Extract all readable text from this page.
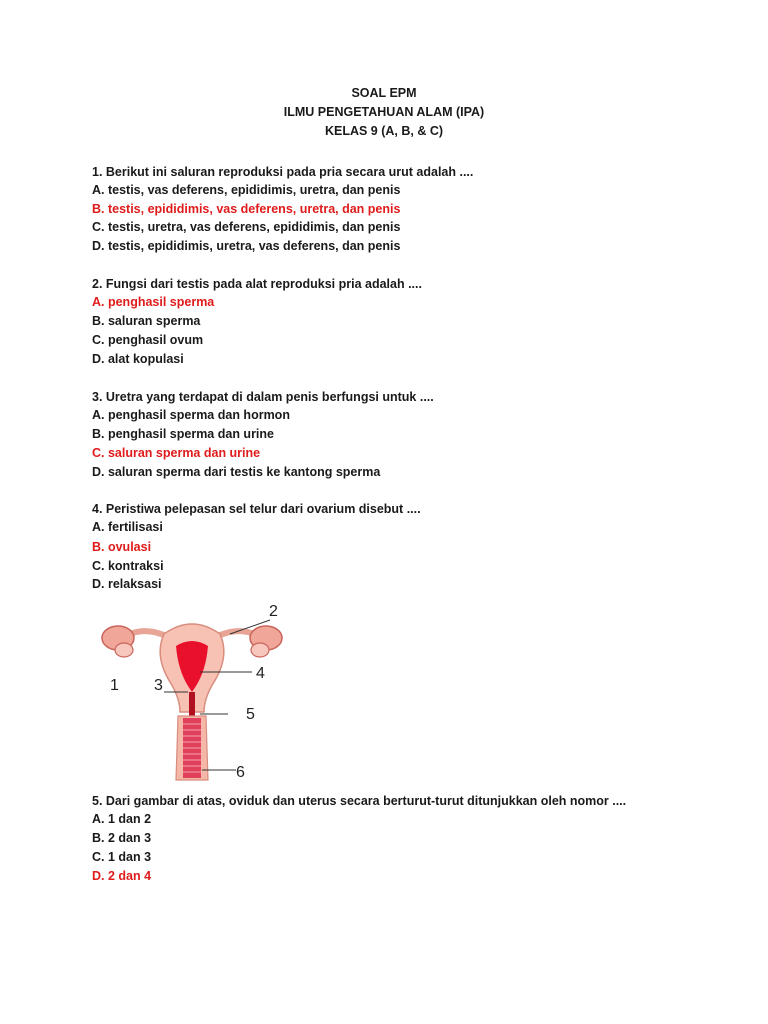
SOAL EPM
ILMU PENGETAHUAN ALAM (IPA)
KELAS 9 (A, B, & C)
1. Berikut ini saluran reproduksi pada pria secara urut adalah ....
A. testis, vas deferens, epididimis, uretra, dan penis
B. testis, epididimis, vas deferens, uretra, dan penis
C. testis, uretra, vas deferens, epididimis, dan penis
D. testis, epididimis, uretra, vas deferens, dan penis
2. Fungsi dari testis pada alat reproduksi pria adalah ....
A. penghasil sperma
B. saluran sperma
C. penghasil ovum
D. alat kopulasi
3. Uretra yang terdapat di dalam penis berfungsi untuk ....
A. penghasil sperma dan hormon
B. penghasil sperma dan urine
C. saluran sperma dan urine
D. saluran sperma dari testis ke kantong sperma
4. Peristiwa pelepasan sel telur dari ovarium disebut ....
A. fertilisasi
B. ovulasi
C. kontraksi
D. relaksasi
1
2
3
4
5
6
5. Dari gambar di atas, oviduk dan uterus secara berturut-turut ditunjukkan oleh nomor ....
A. 1 dan 2
B. 2 dan 3
C. 1 dan 3
D. 2 dan 4
